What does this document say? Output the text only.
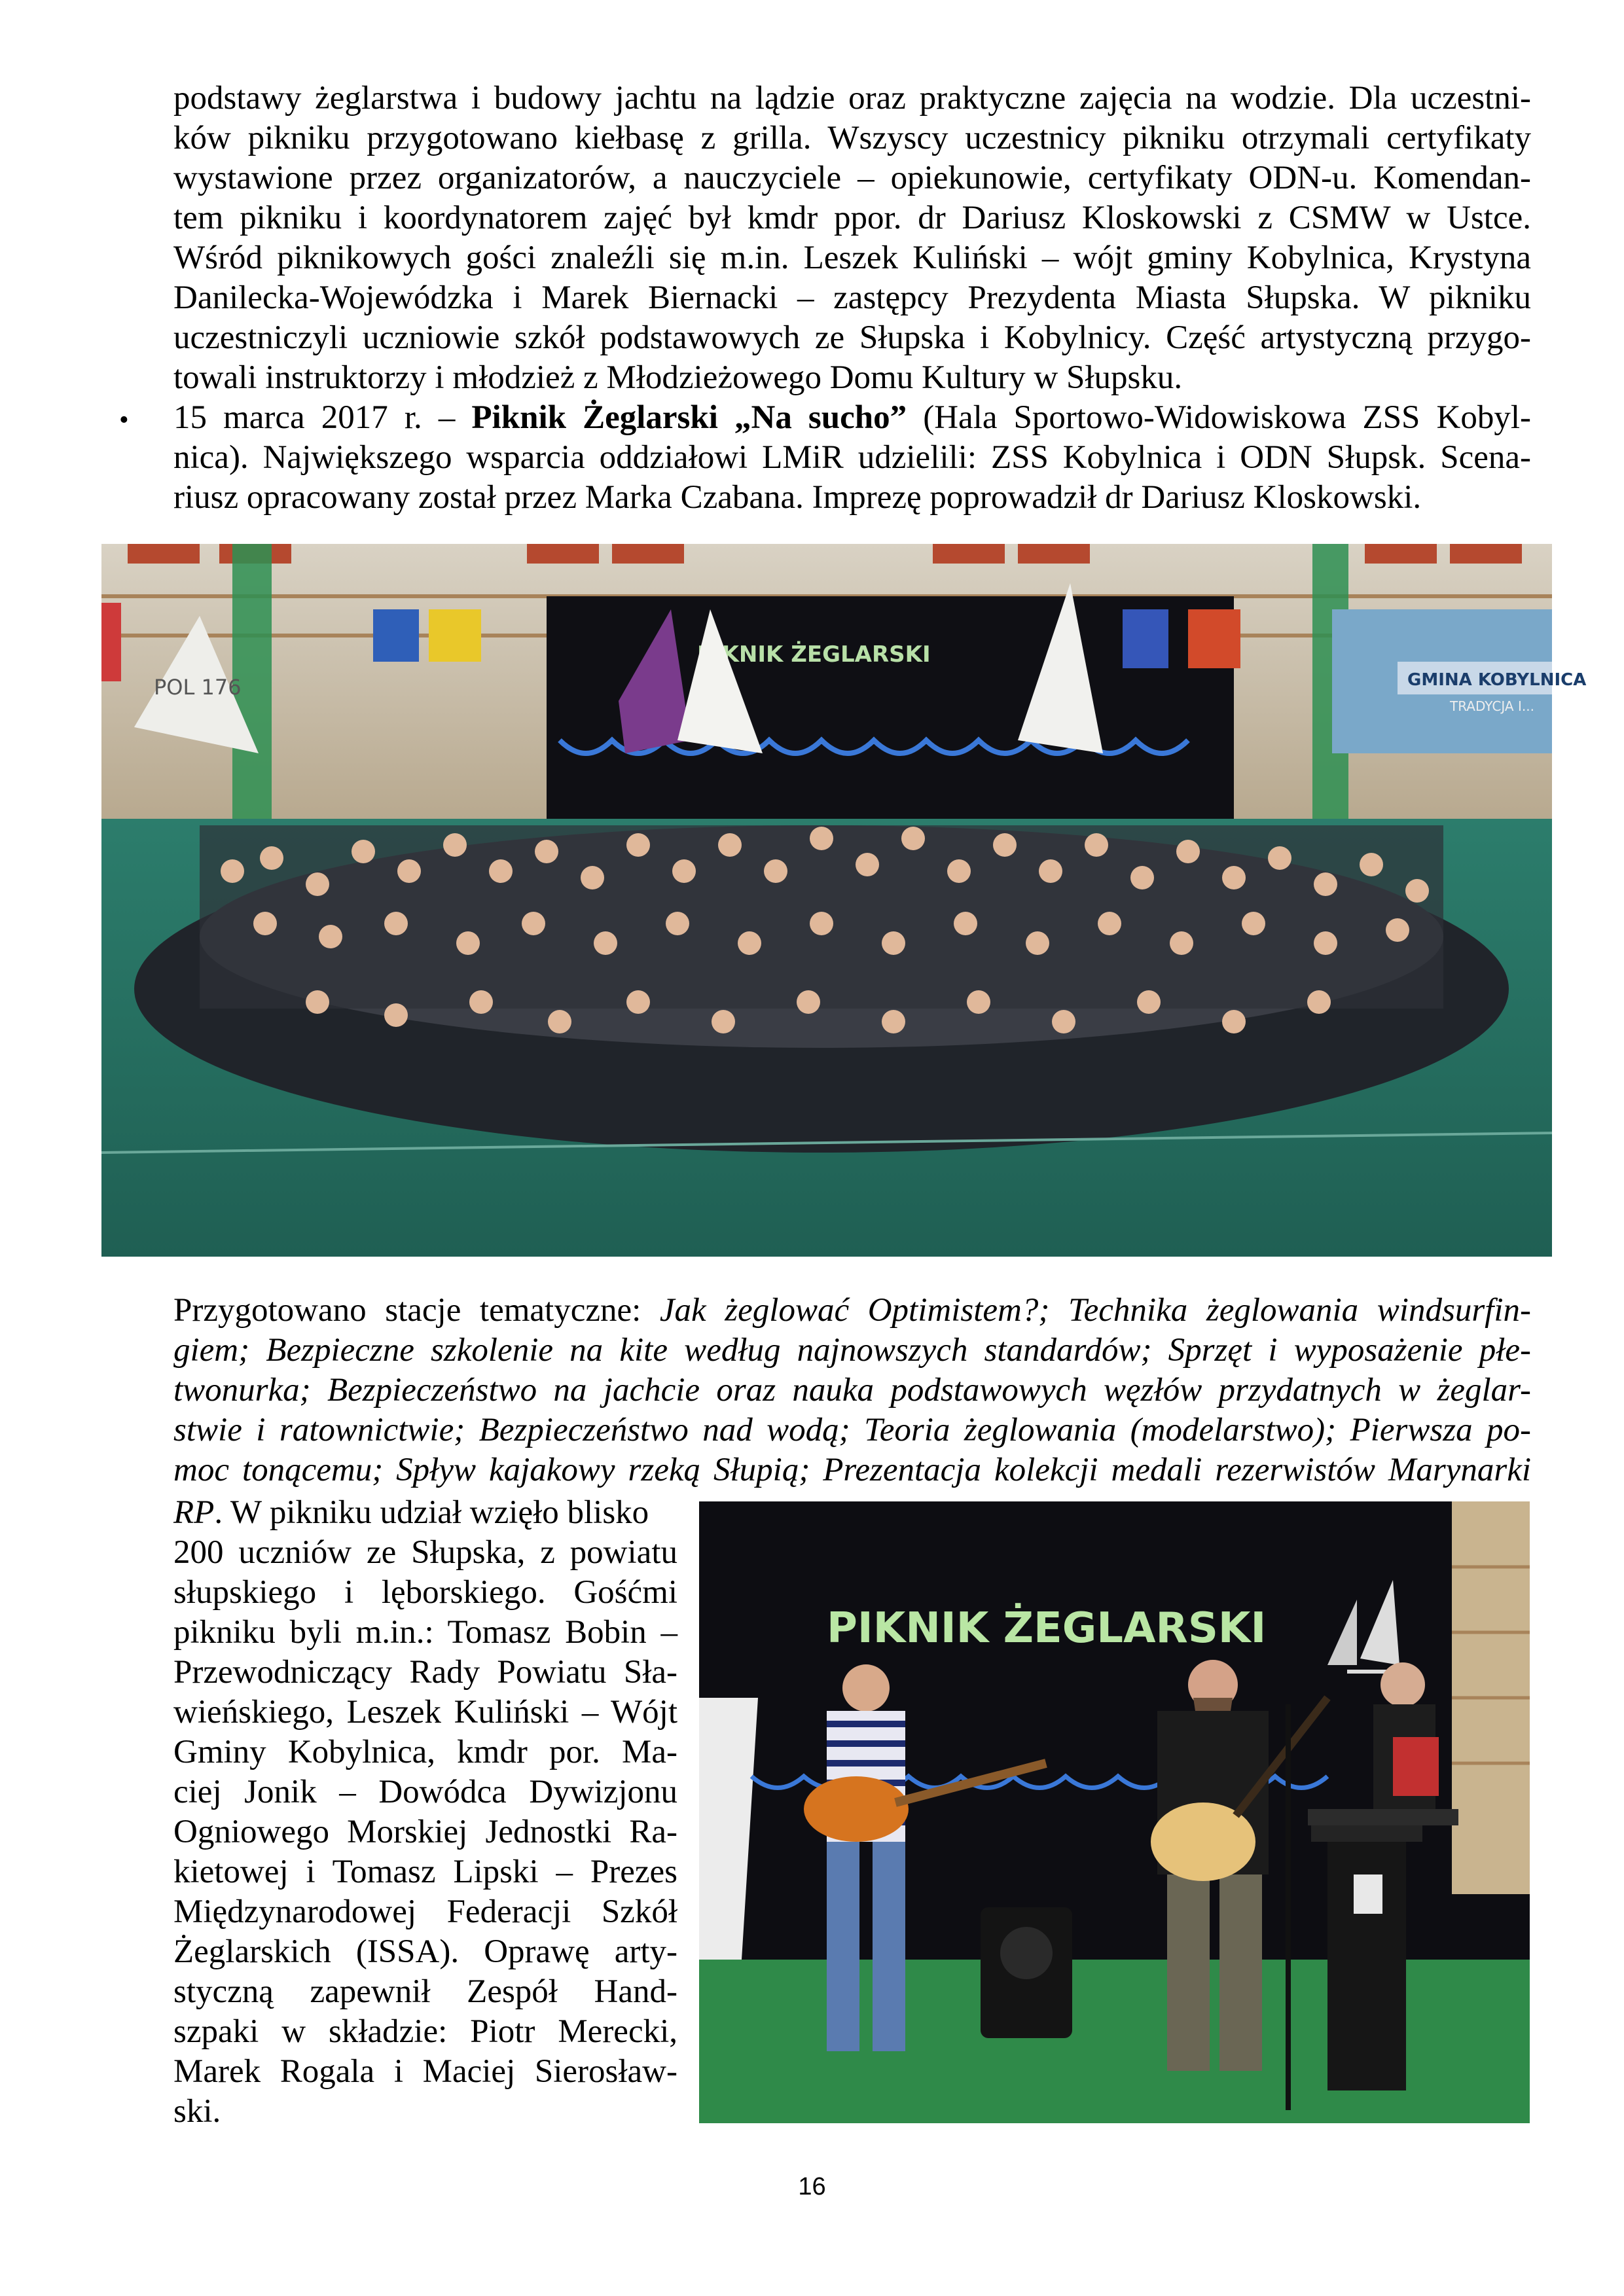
podstawy żeglarstwa i budowy jachtu na lądzie oraz praktyczne zajęcia na wodzie. Dla uczestni-
ków pikniku przygotowano kiełbasę z grilla. Wszyscy uczestnicy pikniku otrzymali certyfikaty
wystawione przez organizatorów, a nauczyciele – opiekunowie, certyfikaty ODN-u. Komendan-
tem pikniku i koordynatorem zajęć był kmdr ppor. dr Dariusz Kloskowski z CSMW w Ustce.
Wśród piknikowych gości znaleźli się m.in. Leszek Kuliński – wójt gminy Kobylnica, Krystyna
Danilecka-Wojewódzka i Marek Biernacki – zastępcy Prezydenta Miasta Słupska. W pikniku
uczestniczyli uczniowie szkół podstawowych ze Słupska i Kobylnicy. Część artystyczną przygo-
towali instruktorzy i młodzież z Młodzieżowego Domu Kultury w Słupsku.
• 15 marca 2017 r. – Piknik Żeglarski „Na sucho” (Hala Sportowo-Widowiskowa ZSS Kobyl-
nica). Największego wsparcia oddziałowi LMiR udzielili: ZSS Kobylnica i ODN Słupsk. Scena-
riusz opracowany został przez Marka Czabana. Imprezę poprowadził dr Dariusz Kloskowski.
PIKNIK ŻEGLARSKI
POL 176	GMINA KOBYLNICA
TRADYCJA I...
Przygotowano stacje tematyczne: Jak żeglować Optimistem?; Technika żeglowania windsurfin-
giem; Bezpieczne szkolenie na kite według najnowszych standardów; Sprzęt i wyposażenie płe-
twonurka; Bezpieczeństwo na jachcie oraz nauka podstawowych węzłów przydatnych w żeglar-
stwie i ratownictwie; Bezpieczeństwo nad wodą; Teoria żeglowania (modelarstwo); Pierwsza po-
moc tonącemu; Spływ kajakowy rzeką Słupią; Prezentacja kolekcji medali rezerwistów Marynarki
RP. W pikniku udział wzięło blisko
200 uczniów ze Słupska, z powiatu
słupskiego i lęborskiego. Gośćmi
pikniku byli m.in.: Tomasz Bobin –
Przewodniczący Rady Powiatu Sła-
wieńskiego, Leszek Kuliński – Wójt
Gminy Kobylnica, kmdr por. Ma-
ciej Jonik – Dowódca Dywizjonu
Ogniowego Morskiej Jednostki Ra-
kietowej i Tomasz Lipski – Prezes
Międzynarodowej Federacji Szkół
Żeglarskich (ISSA). Oprawę arty-
styczną zapewnił Zespół Hand-
szpaki w składzie: Piotr Merecki,
Marek Rogala i Maciej Sierosław-
ski.
PIKNIK ŻEGLARSKI
16
